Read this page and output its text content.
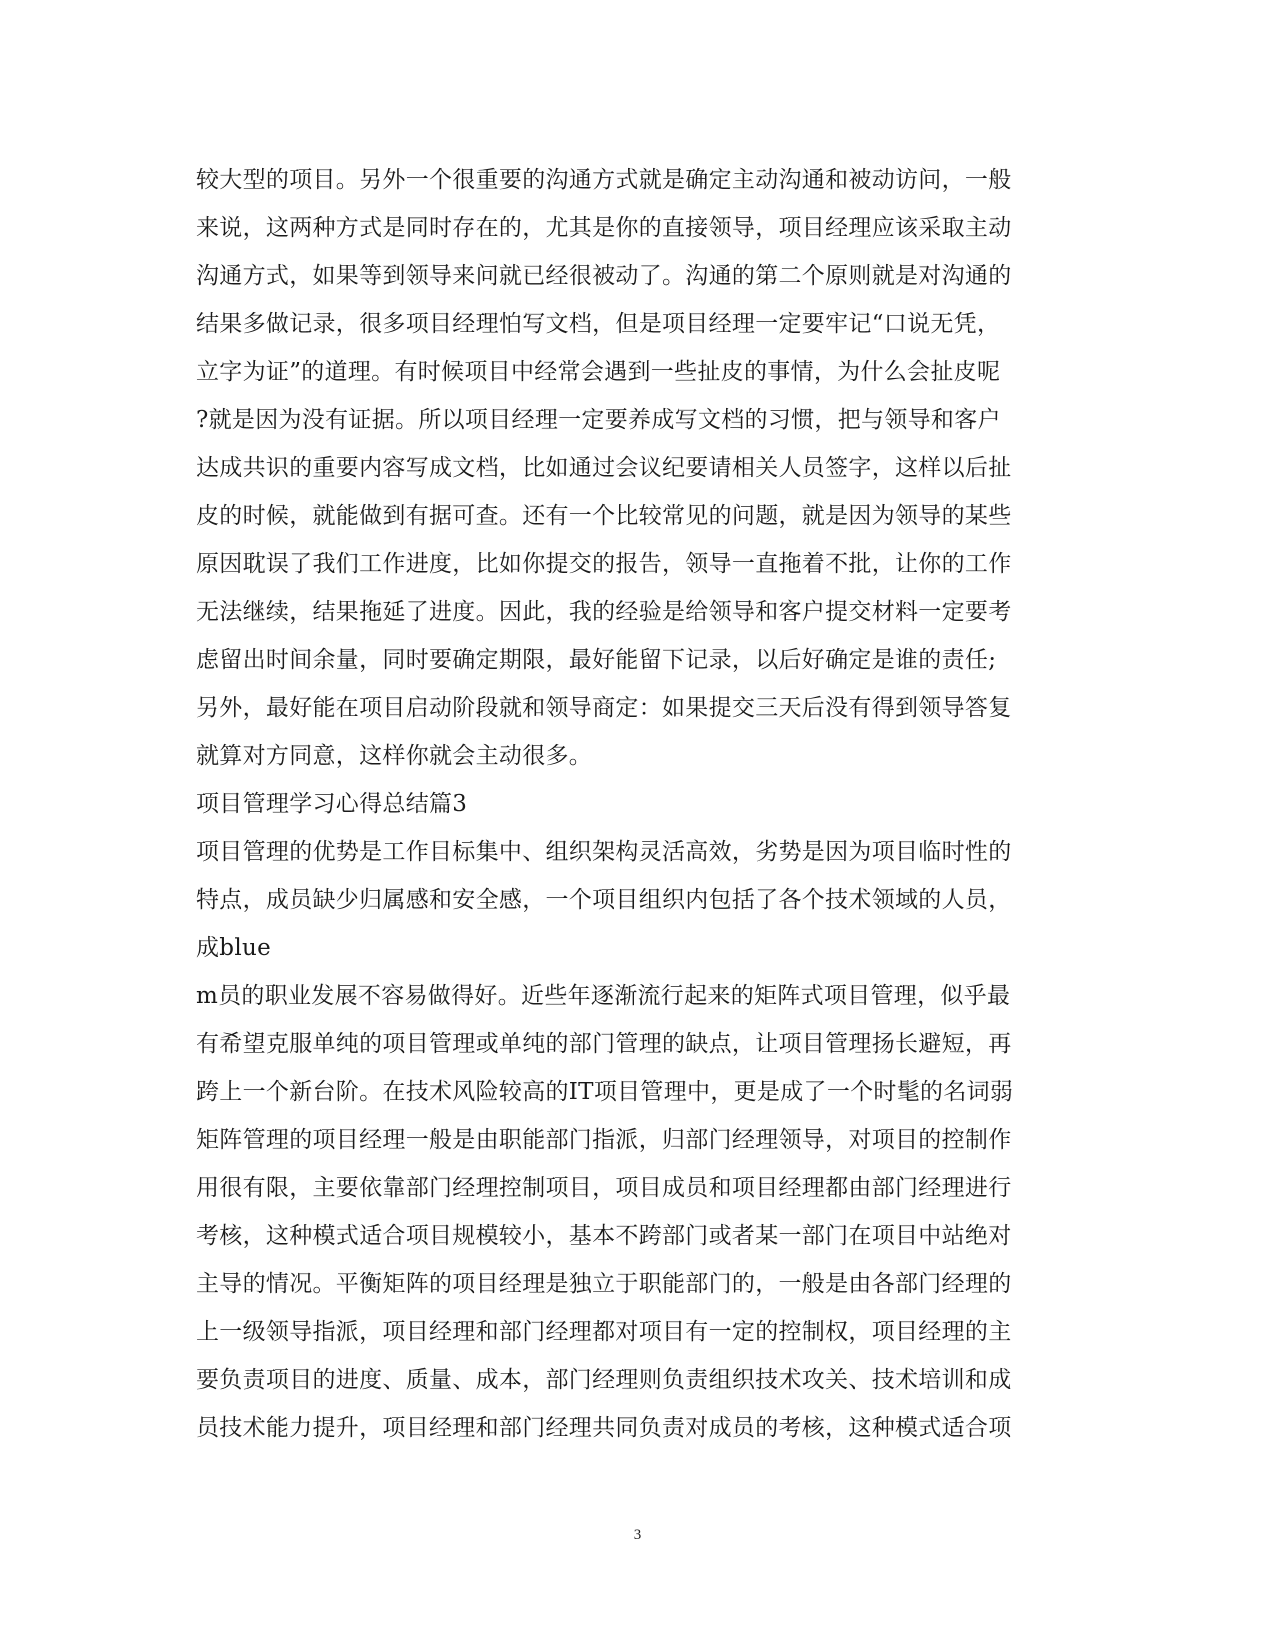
较大型的项目。另外一个很重要的沟通方式就是确定主动沟通和被动访问，一般
来说，这两种方式是同时存在的，尤其是你的直接领导，项目经理应该采取主动
沟通方式，如果等到领导来问就已经很被动了。沟通的第二个原则就是对沟通的
结果多做记录，很多项目经理怕写文档，但是项目经理一定要牢记“口说无凭，
立字为证”的道理。有时候项目中经常会遇到一些扯皮的事情，为什么会扯皮呢
?就是因为没有证据。所以项目经理一定要养成写文档的习惯，把与领导和客户
达成共识的重要内容写成文档，比如通过会议纪要请相关人员签字，这样以后扯
皮的时候，就能做到有据可查。还有一个比较常见的问题，就是因为领导的某些
原因耽误了我们工作进度，比如你提交的报告，领导一直拖着不批，让你的工作
无法继续，结果拖延了进度。因此，我的经验是给领导和客户提交材料一定要考
虑留出时间余量，同时要确定期限，最好能留下记录，以后好确定是谁的责任;
另外，最好能在项目启动阶段就和领导商定：如果提交三天后没有得到领导答复
就算对方同意，这样你就会主动很多。
项目管理学习心得总结篇3
项目管理的优势是工作目标集中、组织架构灵活高效，劣势是因为项目临时性的
特点，成员缺少归属感和安全感，一个项目组织内包括了各个技术领域的人员，
成blue
m员的职业发展不容易做得好。近些年逐渐流行起来的矩阵式项目管理，似乎最
有希望克服单纯的项目管理或单纯的部门管理的缺点，让项目管理扬长避短，再
跨上一个新台阶。在技术风险较高的IT项目管理中，更是成了一个时髦的名词弱
矩阵管理的项目经理一般是由职能部门指派，归部门经理领导，对项目的控制作
用很有限，主要依靠部门经理控制项目，项目成员和项目经理都由部门经理进行
考核，这种模式适合项目规模较小，基本不跨部门或者某一部门在项目中站绝对
主导的情况。平衡矩阵的项目经理是独立于职能部门的，一般是由各部门经理的
上一级领导指派，项目经理和部门经理都对项目有一定的控制权，项目经理的主
要负责项目的进度、质量、成本，部门经理则负责组织技术攻关、技术培训和成
员技术能力提升，项目经理和部门经理共同负责对成员的考核，这种模式适合项
3
